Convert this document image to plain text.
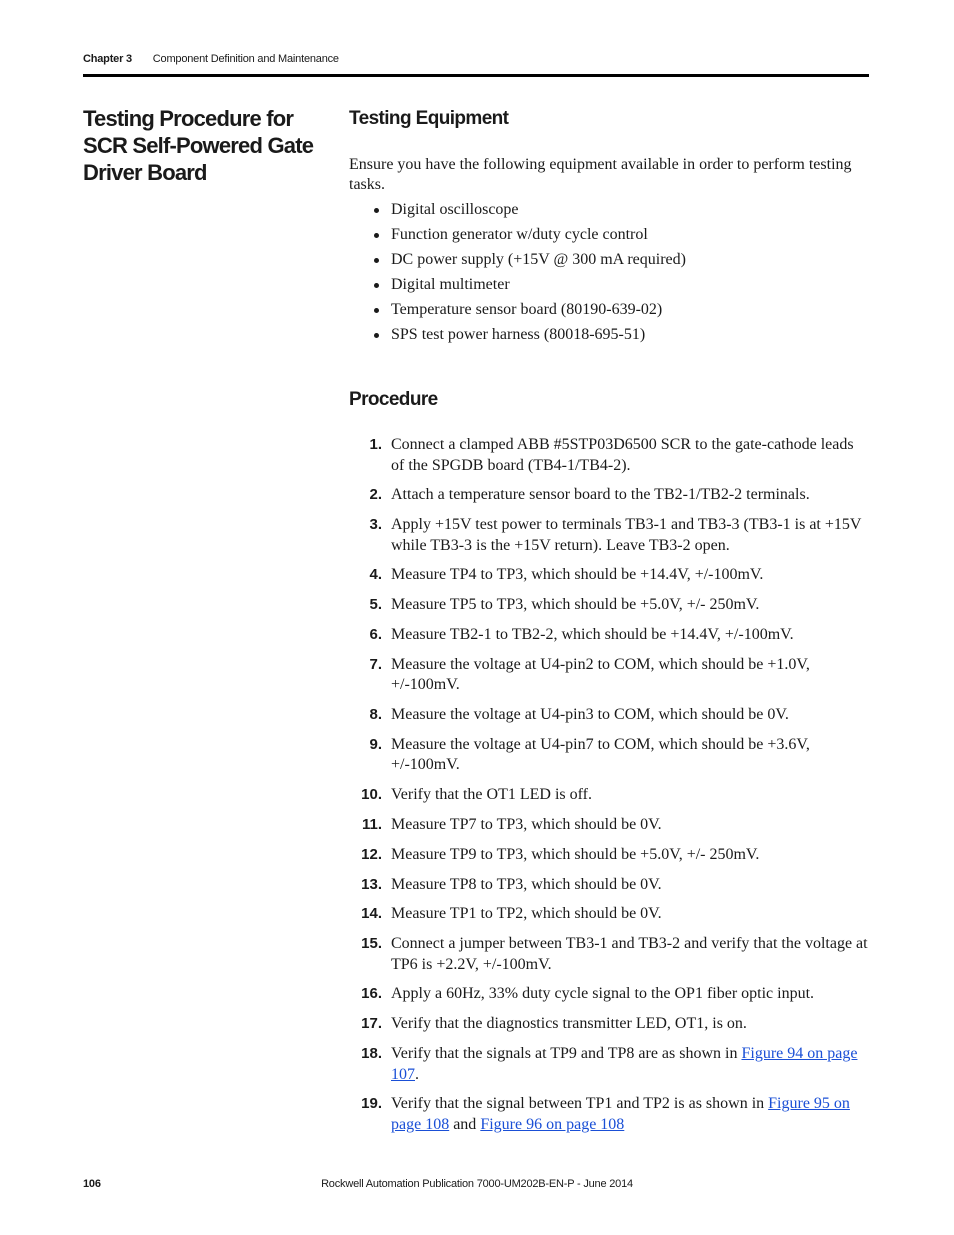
Chapter 3 Component Definition and Maintenance
Testing Procedure for SCR Self-Powered Gate Driver Board
Testing Equipment
Ensure you have the following equipment available in order to perform testing tasks.
Digital oscilloscope
Function generator w/duty cycle control
DC power supply (+15V @ 300 mA required)
Digital multimeter
Temperature sensor board (80190-639-02)
SPS test power harness (80018-695-51)
Procedure
1. Connect a clamped ABB #5STP03D6500 SCR to the gate-cathode leads of the SPGDB board (TB4-1/TB4-2).
2. Attach a temperature sensor board to the TB2-1/TB2-2 terminals.
3. Apply +15V test power to terminals TB3-1 and TB3-3 (TB3-1 is at +15V while TB3-3 is the +15V return). Leave TB3-2 open.
4. Measure TP4 to TP3, which should be +14.4V, +/-100mV.
5. Measure TP5 to TP3, which should be +5.0V, +/- 250mV.
6. Measure TB2-1 to TB2-2, which should be +14.4V, +/-100mV.
7. Measure the voltage at U4-pin2 to COM, which should be +1.0V, +/-100mV.
8. Measure the voltage at U4-pin3 to COM, which should be 0V.
9. Measure the voltage at U4-pin7 to COM, which should be +3.6V, +/-100mV.
10. Verify that the OT1 LED is off.
11. Measure TP7 to TP3, which should be 0V.
12. Measure TP9 to TP3, which should be +5.0V, +/- 250mV.
13. Measure TP8 to TP3, which should be 0V.
14. Measure TP1 to TP2, which should be 0V.
15. Connect a jumper between TB3-1 and TB3-2 and verify that the voltage at TP6 is +2.2V, +/-100mV.
16. Apply a 60Hz, 33% duty cycle signal to the OP1 fiber optic input.
17. Verify that the diagnostics transmitter LED, OT1, is on.
18. Verify that the signals at TP9 and TP8 are as shown in Figure 94 on page 107.
19. Verify that the signal between TP1 and TP2 is as shown in Figure 95 on page 108 and Figure 96 on page 108
106	Rockwell Automation Publication 7000-UM202B-EN-P - June 2014
